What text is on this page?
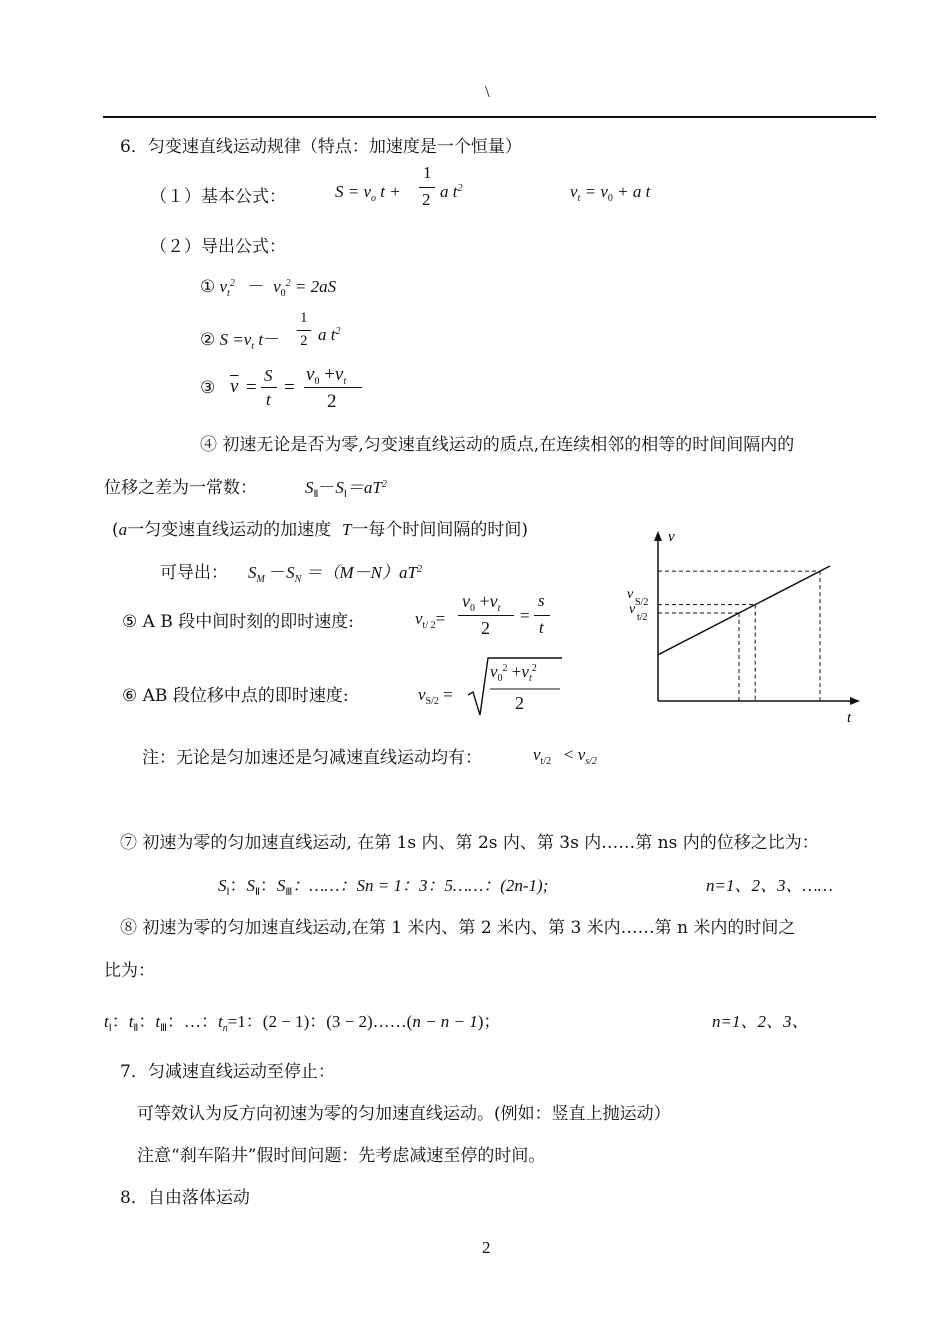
\
6．匀变速直线运动规律（特点：加速度是一个恒量）
（１）基本公式：	$S = v_o$ t +
1
2 a $t^2$	$v_t = v_0 + a$ t
（２）导出公式：
① $v_t^2 - v_0^2 = 2aS$
② $S =v_t$ t－
1
2 a $t^2$
③ $\overline{v}$ =
S
t
=
$v_0 +v_t$
2
④ 初速无论是否为零,匀变速直线运动的质点,在连续相邻的相等的时间间隔内的
位移之差为一常数：	$S_Ⅱ-S_Ⅰ=aT^2$
(a一匀变速直线运动的加速度 T一每个时间间隔的时间)
可导出： $S_M -S_N =(M-N)aT^2$
⑤ A B 段中间时刻的即时速度:	$v_{t/ 2}=$
$v_0 +v_t$
2
=
s
t
⑥ AB 段位移中点的即时速度:	$v_{S/2}$ =
$v_0^2 +v_t^2$
2
注：无论是匀加速还是匀减速直线运动均有：	$v_{t/2} < v_{s/2}$
v
t
v
S/2
v
t/2
⑦ 初速为零的匀加速直线运动, 在第 1s 内、第 2s 内、第 3s 内……第 ns 内的位移之比为：
$S_Ⅰ$：$S_Ⅱ$：$S_Ⅲ$：……：Sn = 1：3：5……：(2n-1);	n=1、2、3、……
⑧ 初速为零的匀加速直线运动,在第 1 米内、第 2 米内、第 3 米内……第 n 米内的时间之
比为：
$t_Ⅰ$：$t_Ⅱ$：$t_Ⅲ$：…：$t_n=1$：(2 − 1)：(3 − 2)……(n − n − 1)；	n=1、2、3、
7．匀减速直线运动至停止：
可等效认为反方向初速为零的匀加速直线运动。(例如：竖直上抛运动）
注意“刹车陷井”假时间问题：先考虑减速至停的时间。
8．自由落体运动
2
